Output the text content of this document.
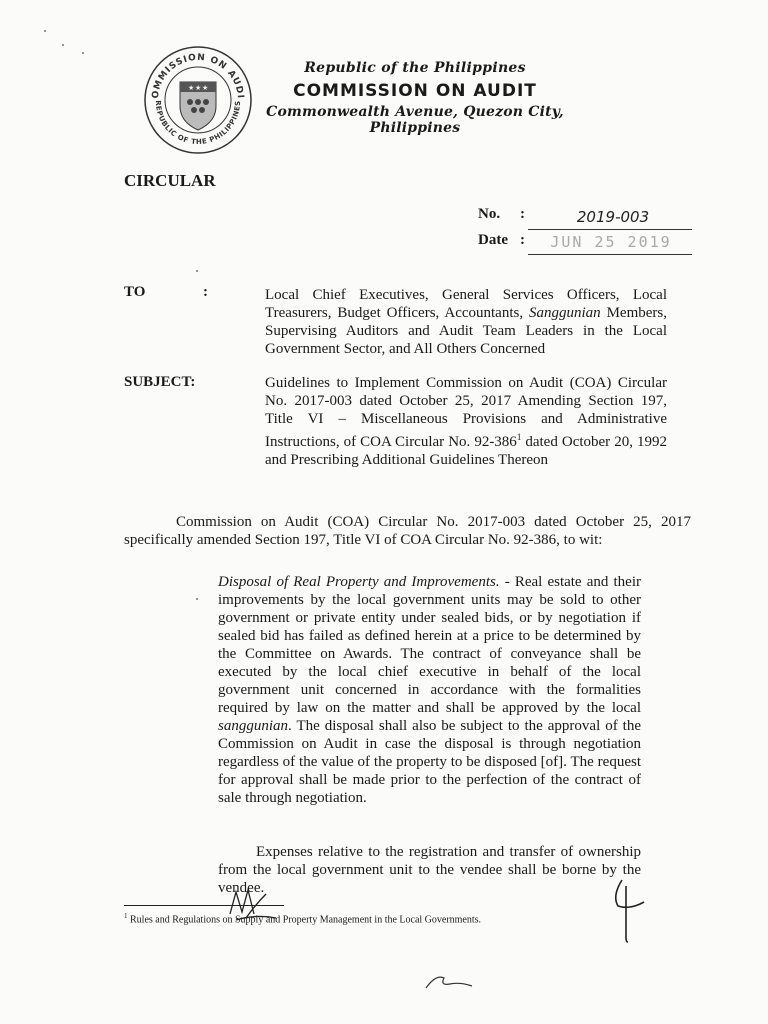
OMMISSION ON AUDI
REPUBLIC OF THE PHILIPPINES
★ ★ ★
Republic of the Philippines
COMMISSION ON AUDIT
Commonwealth Avenue, Quezon City, Philippines
CIRCULAR
No. :	2019-003
Date : JUN 25 2019
TO	:	Local Chief Executives, General Services Officers, Local Treasurers, Budget Officers, Accountants, Sanggunian Members, Supervising Auditors and Audit Team Leaders in the Local Government Sector, and All Others Concerned
SUBJECT:	Guidelines to Implement Commission on Audit (COA) Circular No. 2017-003 dated October 25, 2017 Amending Section 197, Title VI – Miscellaneous Provisions and Administrative Instructions, of COA Circular No. $92-386^1$ dated October 20, 1992 and Prescribing Additional Guidelines Thereon
Commission on Audit (COA) Circular No. 2017-003 dated October 25, 2017 specifically amended Section 197, Title VI of COA Circular No. 92-386, to wit:
Disposal of Real Property and Improvements. - Real estate and their improvements by the local government units may be sold to other government or private entity under sealed bids, or by negotiation if sealed bid has failed as defined herein at a price to be determined by the Committee on Awards. The contract of conveyance shall be executed by the local chief executive in behalf of the local government unit concerned in accordance with the formalities required by law on the matter and shall be approved by the local sanggunian. The disposal shall also be subject to the approval of the Commission on Audit in case the disposal is through negotiation regardless of the value of the property to be disposed [of]. The request for approval shall be made prior to the perfection of the contract of sale through negotiation.
Expenses relative to the registration and transfer of ownership from the local government unit to the vendee shall be borne by the vendee.
$^1$ Rules and Regulations on Supply and Property Management in the Local Governments.
